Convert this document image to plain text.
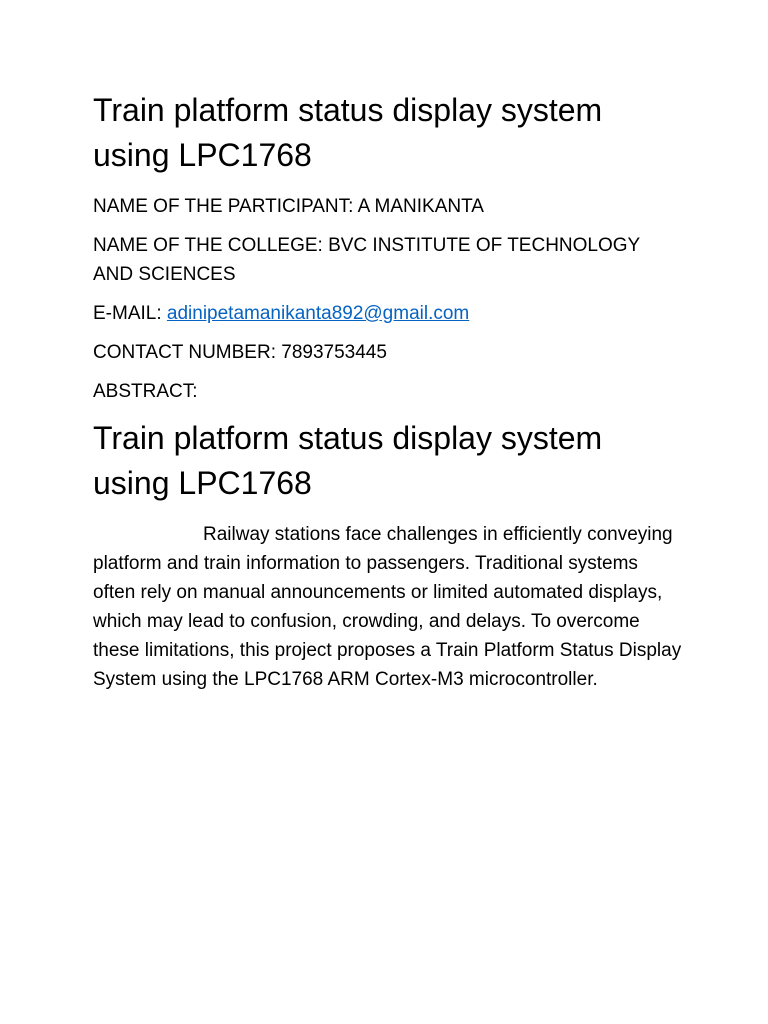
Train platform status display system using LPC1768

NAME OF THE PARTICIPANT: A MANIKANTA

NAME OF THE COLLEGE: BVC INSTITUTE OF TECHNOLOGY AND SCIENCES

E-MAIL: adinipetamanikanta892@gmail.com

CONTACT NUMBER: 7893753445

ABSTRACT:

Train platform status display system using LPC1768

Railway stations face challenges in efficiently conveying platform and train information to passengers. Traditional systems often rely on manual announcements or limited automated displays, which may lead to confusion, crowding, and delays. To overcome these limitations, this project proposes a Train Platform Status Display System using the LPC1768 ARM Cortex-M3 microcontroller.
